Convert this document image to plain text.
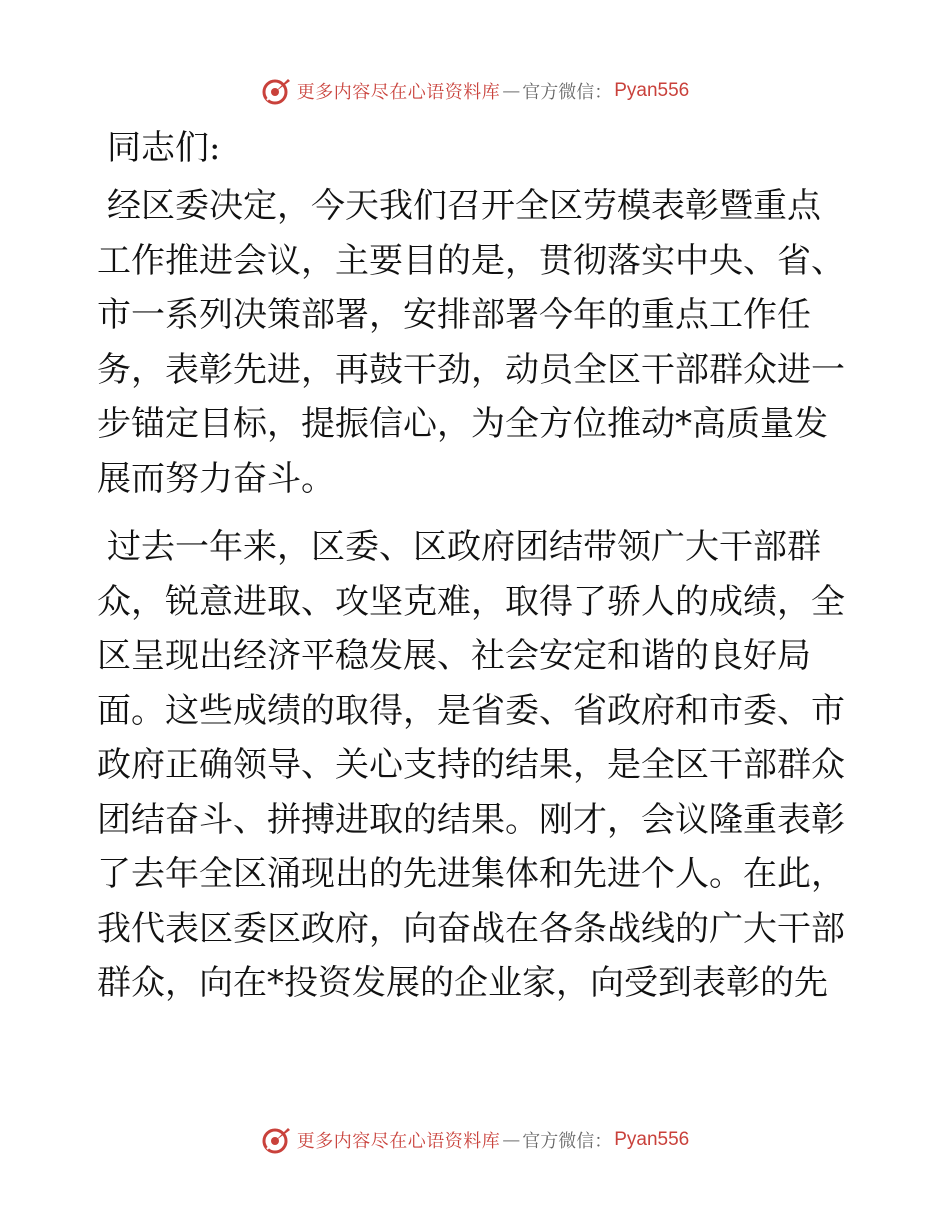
更多内容尽在心语资料库 — 官方微信： Pyan556
同志们:
经区委决定，今天我们召开全区劳模表彰暨重点
工作推进会议，主要目的是，贯彻落实中央、省、
市一系列决策部署，安排部署今年的重点工作任
务，表彰先进，再鼓干劲，动员全区干部群众进一
步锚定目标，提振信心，为全方位推动*高质量发
展而努力奋斗。
过去一年来，区委、区政府团结带领广大干部群
众，锐意进取、攻坚克难，取得了骄人的成绩，全
区呈现出经济平稳发展、社会安定和谐的良好局
面。这些成绩的取得，是省委、省政府和市委、市
政府正确领导、关心支持的结果，是全区干部群众
团结奋斗、拼搏进取的结果。刚才，会议隆重表彰
了去年全区涌现出的先进集体和先进个人。在此，
我代表区委区政府，向奋战在各条战线的广大干部
群众，向在*投资发展的企业家，向受到表彰的先
更多内容尽在心语资料库 — 官方微信： Pyan556
